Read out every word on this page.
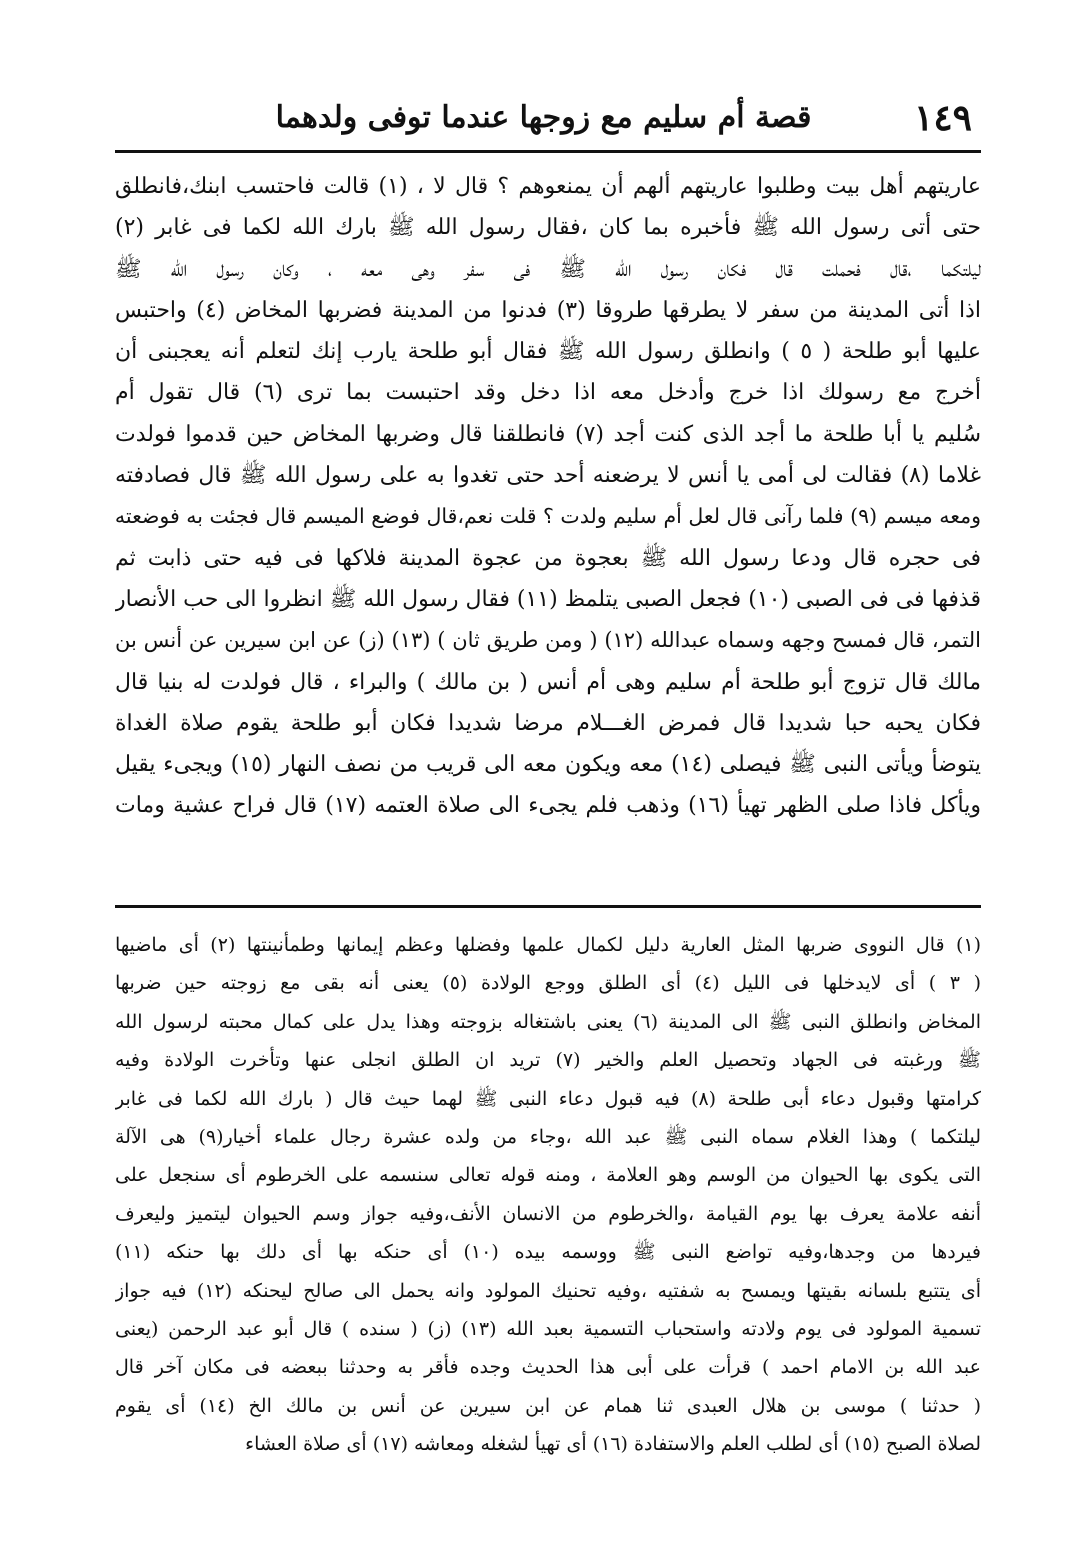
١٤٩
قصة أم سليم مع زوجها عندما توفى ولدهما
عاريتهم أهل بيت وطلبوا عاريتهم ألهم أن يمنعوهم ؟ قال لا ، (١) قالت فاحتسب ابنك،فانطلق
حتى أتى رسول الله ﷺ فأخبره بما كان ،فقال رسول الله ﷺ بارك الله لكما فى غابر (٢)
ليلتكما ،قال فحملت قال فكان رسول الله ﷺ فى سفر وهى معه ، وكان رسول الله ﷺ
اذا أتى المدينة من سفر لا يطرقها طروقا (٣) فدنوا من المدينة فضربها المخاض (٤) واحتبس
عليها أبو طلحة ( ٥ ) وانطلق رسول الله ﷺ فقال أبو طلحة يارب إنك لتعلم أنه يعجبنى أن
أخرج مع رسولك اذا خرج وأدخل معه اذا دخل وقد احتبست بما ترى (٦) قال تقول أم
سُليم يا أبا طلحة ما أجد الذى كنت أجد (٧) فانطلقنا قال وضربها المخاض حين قدموا فولدت
غلاما (٨) فقالت لى أمى يا أنس لا يرضعنه أحد حتى تغدوا به على رسول الله ﷺ قال فصادفته
ومعه ميسم (٩) فلما رآنى قال لعل أم سليم ولدت ؟ قلت نعم،قال فوضع الميسم قال فجئت به فوضعته
فى حجره قال ودعا رسول الله ﷺ بعجوة من عجوة المدينة فلاكها فى فيه حتى ذابت ثم
قذفها فى فى الصبى (١٠) فجعل الصبى يتلمظ (١١) فقال رسول الله ﷺ انظروا الى حب الأنصار
التمر، قال فمسح وجهه وسماه عبدالله (١٢) ( ومن طريق ثان ) (١٣) (ز) عن ابن سيرين عن أنس بن
مالك قال تزوج أبو طلحة أم سليم وهى أم أنس ( بن مالك ) والبراء ، قال فولدت له بنيا قال
فكان يحبه حبا شديدا قال فمرض الغـــلام مرضا شديدا فكان أبو طلحة يقوم صلاة الغداة
يتوضأ ويأتى النبى ﷺ فيصلى (١٤) معه ويكون معه الى قريب من نصف النهار (١٥) ويجىء يقيل
ويأكل فاذا صلى الظهر تهيأ (١٦) وذهب فلم يجىء الى صلاة العتمه (١٧) قال فراح عشية ومات
(١) قال النووى ضربها المثل العارية دليل لكمال علمها وفضلها وعظم إيمانها وطمأنينتها (٢) أى ماضيها
( ٣ ) أى لايدخلها فى الليل (٤) أى الطلق ووجع الولادة (٥) يعنى أنه بقى مع زوجته حين ضربها
المخاض وانطلق النبى ﷺ الى المدينة (٦) يعنى باشتغاله بزوجته وهذا يدل على كمال محبته لرسول الله
ﷺ ورغبته فى الجهاد وتحصيل العلم والخير (٧) تريد ان الطلق انجلى عنها وتأخرت الولادة وفيه
كرامتها وقبول دعاء أبى طلحة (٨) فيه قبول دعاء النبى ﷺ لهما حيث قال ( بارك الله لكما فى غابر
ليلتكما ) وهذا الغلام سماه النبى ﷺ عبد الله ،وجاء من ولده عشرة رجال علماء أخيار(٩) هى الآلة
التى يكوى بها الحيوان من الوسم وهو العلامة ، ومنه قوله تعالى سنسمه على الخرطوم أى سنجعل على
أنفه علامة يعرف بها يوم القيامة ،والخرطوم من الانسان الأنف،وفيه جواز وسم الحيوان ليتميز وليعرف
فيردها من وجدها،وفيه تواضع النبى ﷺ ووسمه بيده (١٠) أى حنكه بها أى دلك بها حنكه (١١)
أى يتتبع بلسانه بقيتها ويمسح به شفتيه ،وفيه تحنيك المولود وانه يحمل الى صالح ليحنكه (١٢) فيه جواز
تسمية المولود فى يوم ولادته واستحباب التسمية بعبد الله (١٣) (ز) ( سنده ) قال أبو عبد الرحمن (يعنى
عبد الله بن الامام احمد ) قرأت على أبى هذا الحديث وجده فأقر به وحدثنا ببعضه فى مكان آخر قال
( حدثنا ) موسى بن هلال العبدى ثنا همام عن ابن سيرين عن أنس بن مالك الخ (١٤) أى يقوم
لصلاة الصبح (١٥) أى لطلب العلم والاستفادة (١٦) أى تهيأ لشغله ومعاشه (١٧) أى صلاة العشاء
